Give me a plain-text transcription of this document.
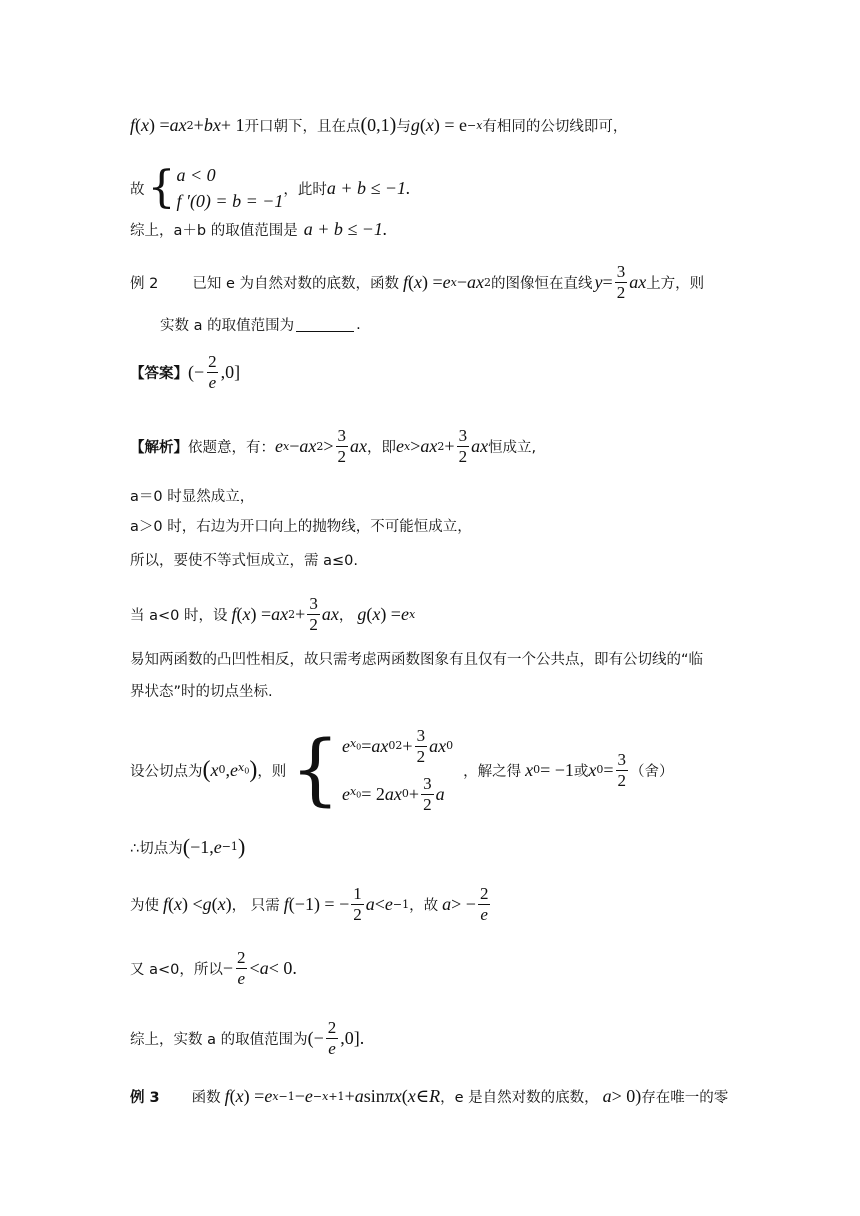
f ( x ) = ax 2 + bx + 1 开口朝下，且在点 ( 0,1 ) 与 g ( x ) = e −x 有相同的公切线即可，
故 { a < 0
f ′(0) = b = −1
，此时 a + b ≤ −1.
综上，a＋b 的取值范围是 a + b ≤ −1.
例 2 已知 e 为自然对数的底数，函数 f ( x ) = e x − ax 2 的图像恒在直线 $y = \frac{3}{2}$ ax 上方，则
实数 a 的取值范围为	.
【答案】 (− $\frac{2}{e} ,0$]
【解析】 依题意，有： e x − ax $2 > \frac{3}{2}$ ax ，即 e x > ax $2 + \frac{3}{2}$ ax 恒成立,
a＝0 时显然成立，
a＞0 时，右边为开口向上的抛物线，不可能恒成立，
所以，要使不等式恒成立，需 a≤0.
当 a<0 时，设 f ( x ) = ax $2 + \frac{3}{2}$ ax ， g ( x ) = e x
易知两函数的凸凹性相反，故只需考虑两函数图象有且仅有一个公共点，即有公切线的“临
界状态”时的切点坐标.
设公切点为 ( x 0 , e $x_0$ ) ，则 { e $x_0$ = ax 0 $2 + \frac{3}{2}$ ax 0
e $x_0 = 2$ ax $0 + \frac{3}{2}$ a
，解之得 x 0 = −1 或 x $0 = \frac{3}{2}$ （舍）
∴切点为 ( −1, e −1 )
为使 f ( x ) < g ( x ) ， 只需 f (−1) = − $\frac{1}{2}$ a < e −1 ，故 a > − $\frac{2}{e}$
又 a<0，所以 − $\frac{2}{e} < a < 0$.
综上，实数 a 的取值范围为 (− $\frac{2}{e} ,0$].
例 3 函数 f ( x ) = e x−1 − e −x+1 + a sin πx ( x ∈ R ，e 是自然对数的底数， a > 0) 存在唯一的零
